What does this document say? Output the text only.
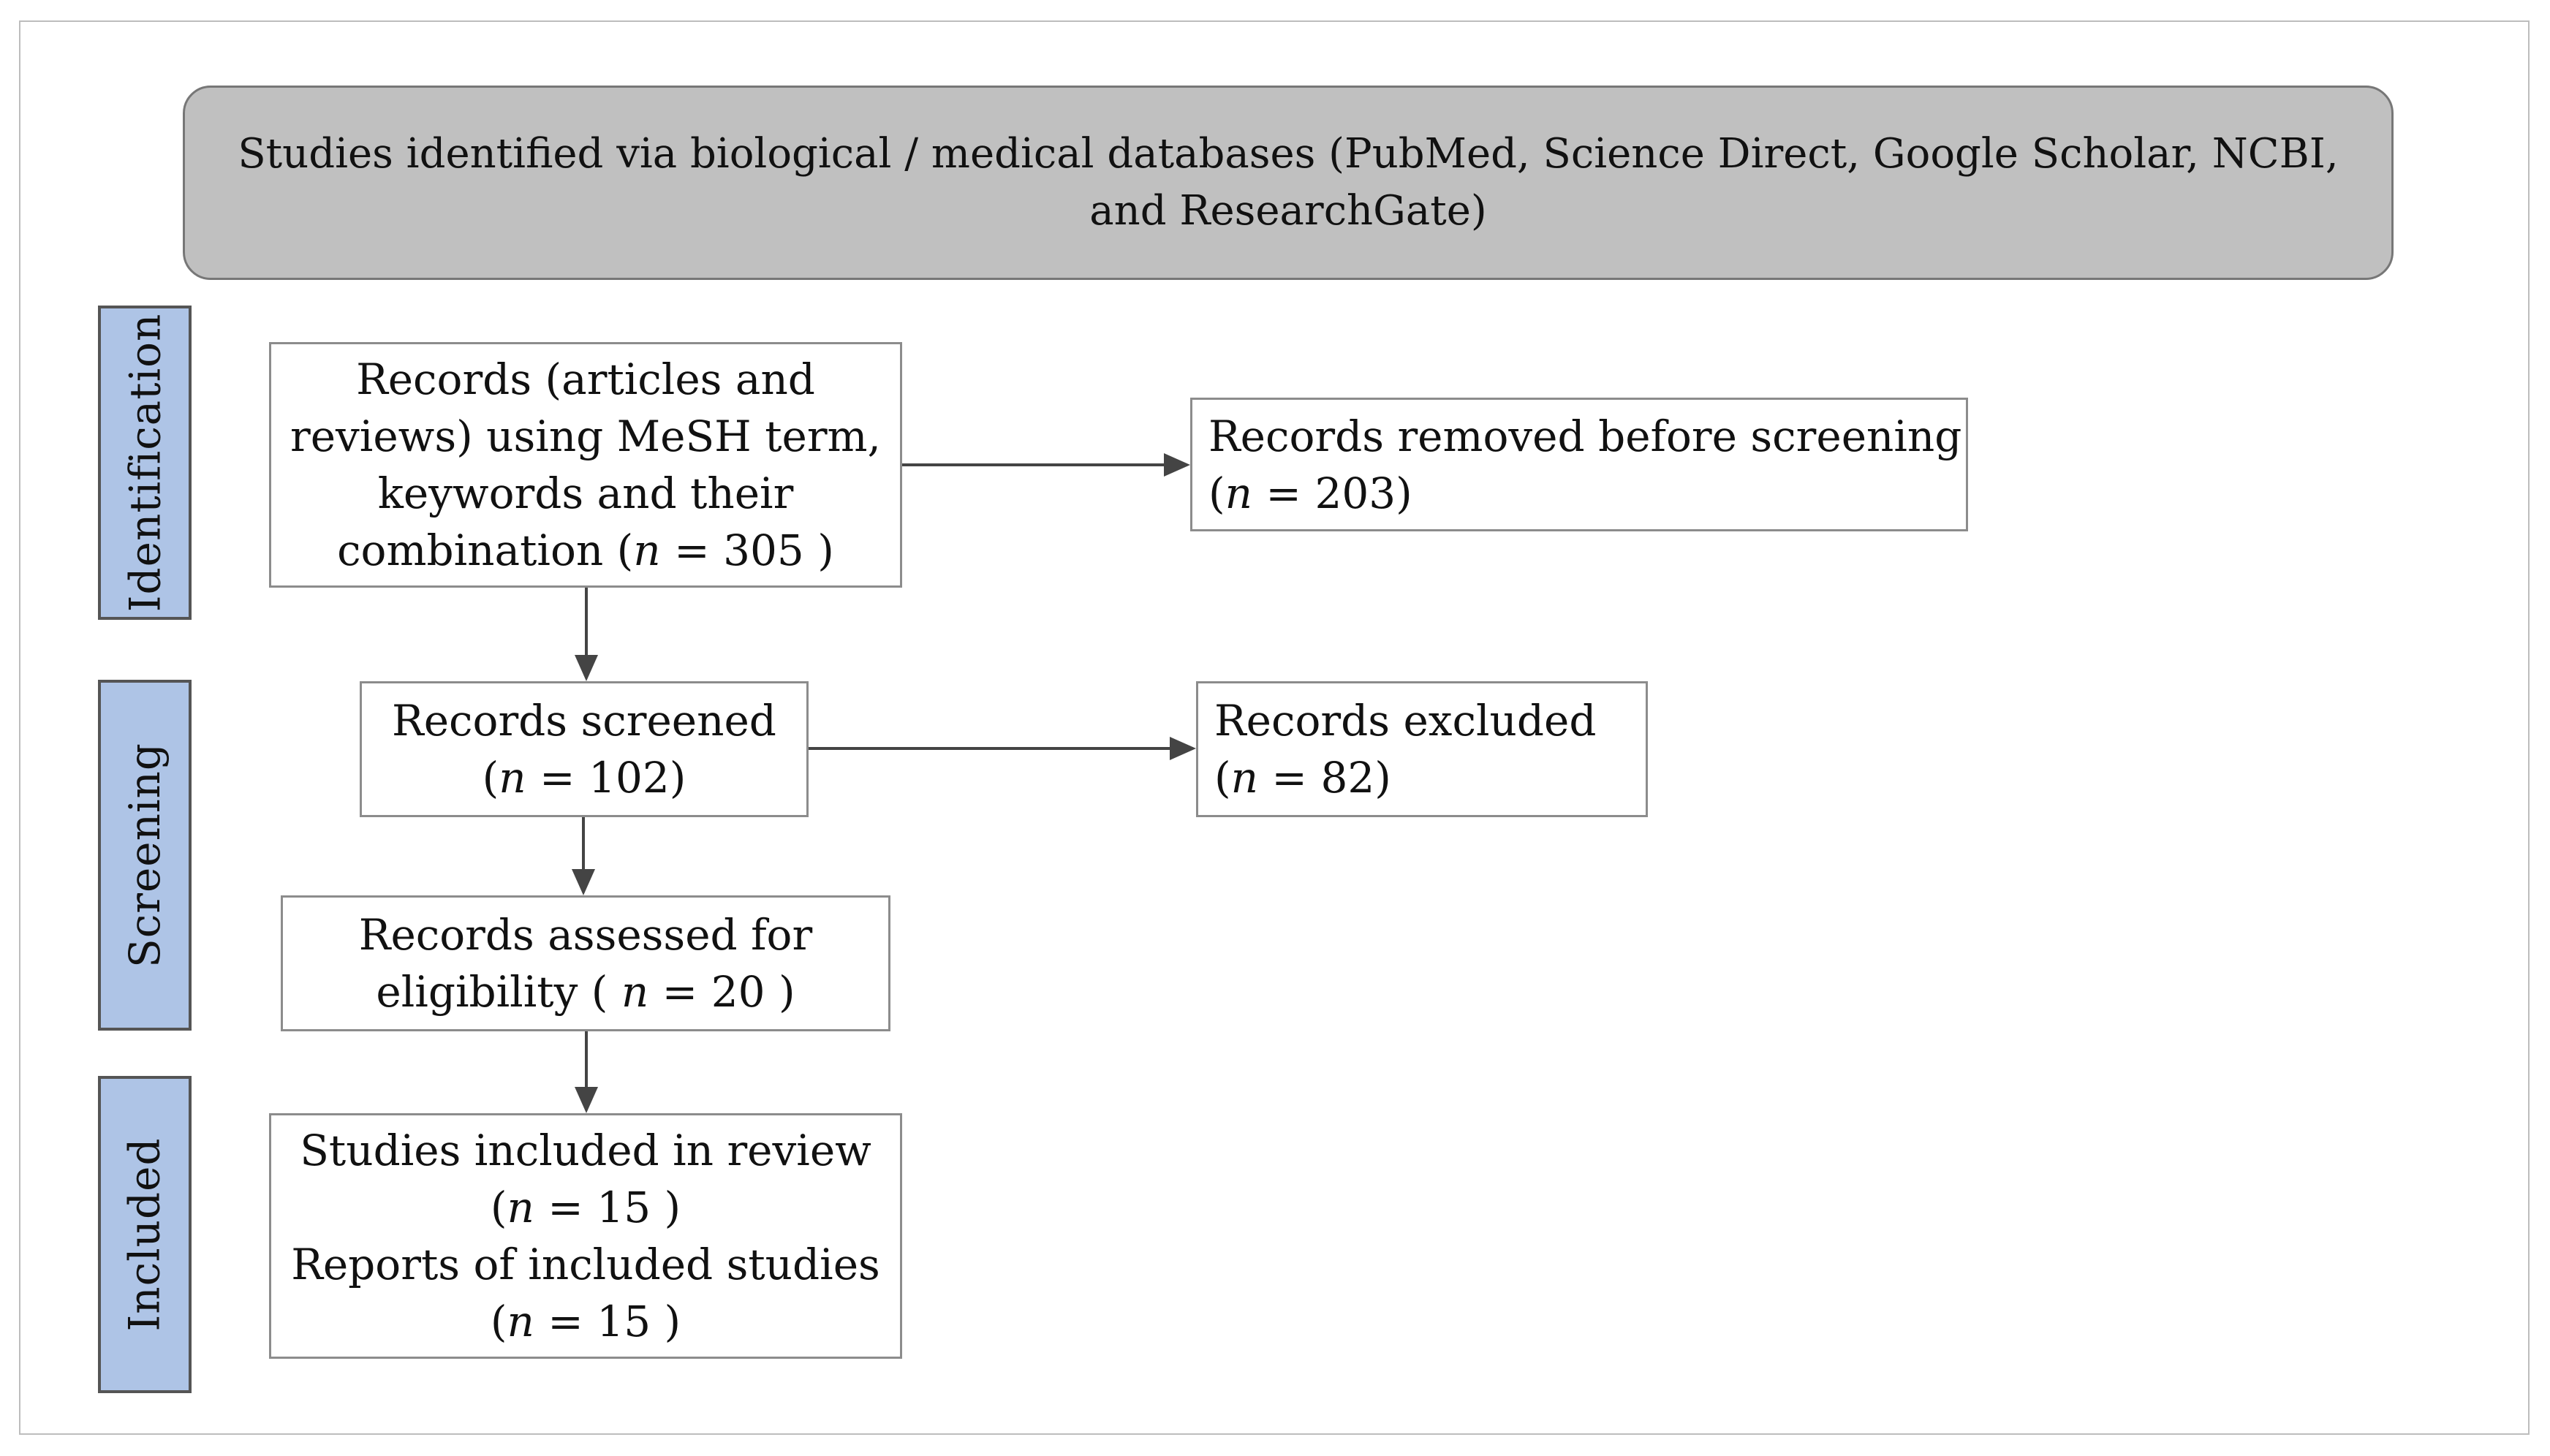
Studies identified via biological / medical databases (PubMed, Science Direct, Google Scholar, NCBI,
and ResearchGate)
Identification
Screening
Included
Records (articles and
reviews) using MeSH term,
keywords and their
combination (n = 305 )
Records removed before screening
(n = 203)
Records screened
(n = 102)
Records excluded
(n = 82)
Records assessed for
eligibility ( n = 20 )
Studies included in review
(n = 15 )
Reports of included studies
(n = 15 )
